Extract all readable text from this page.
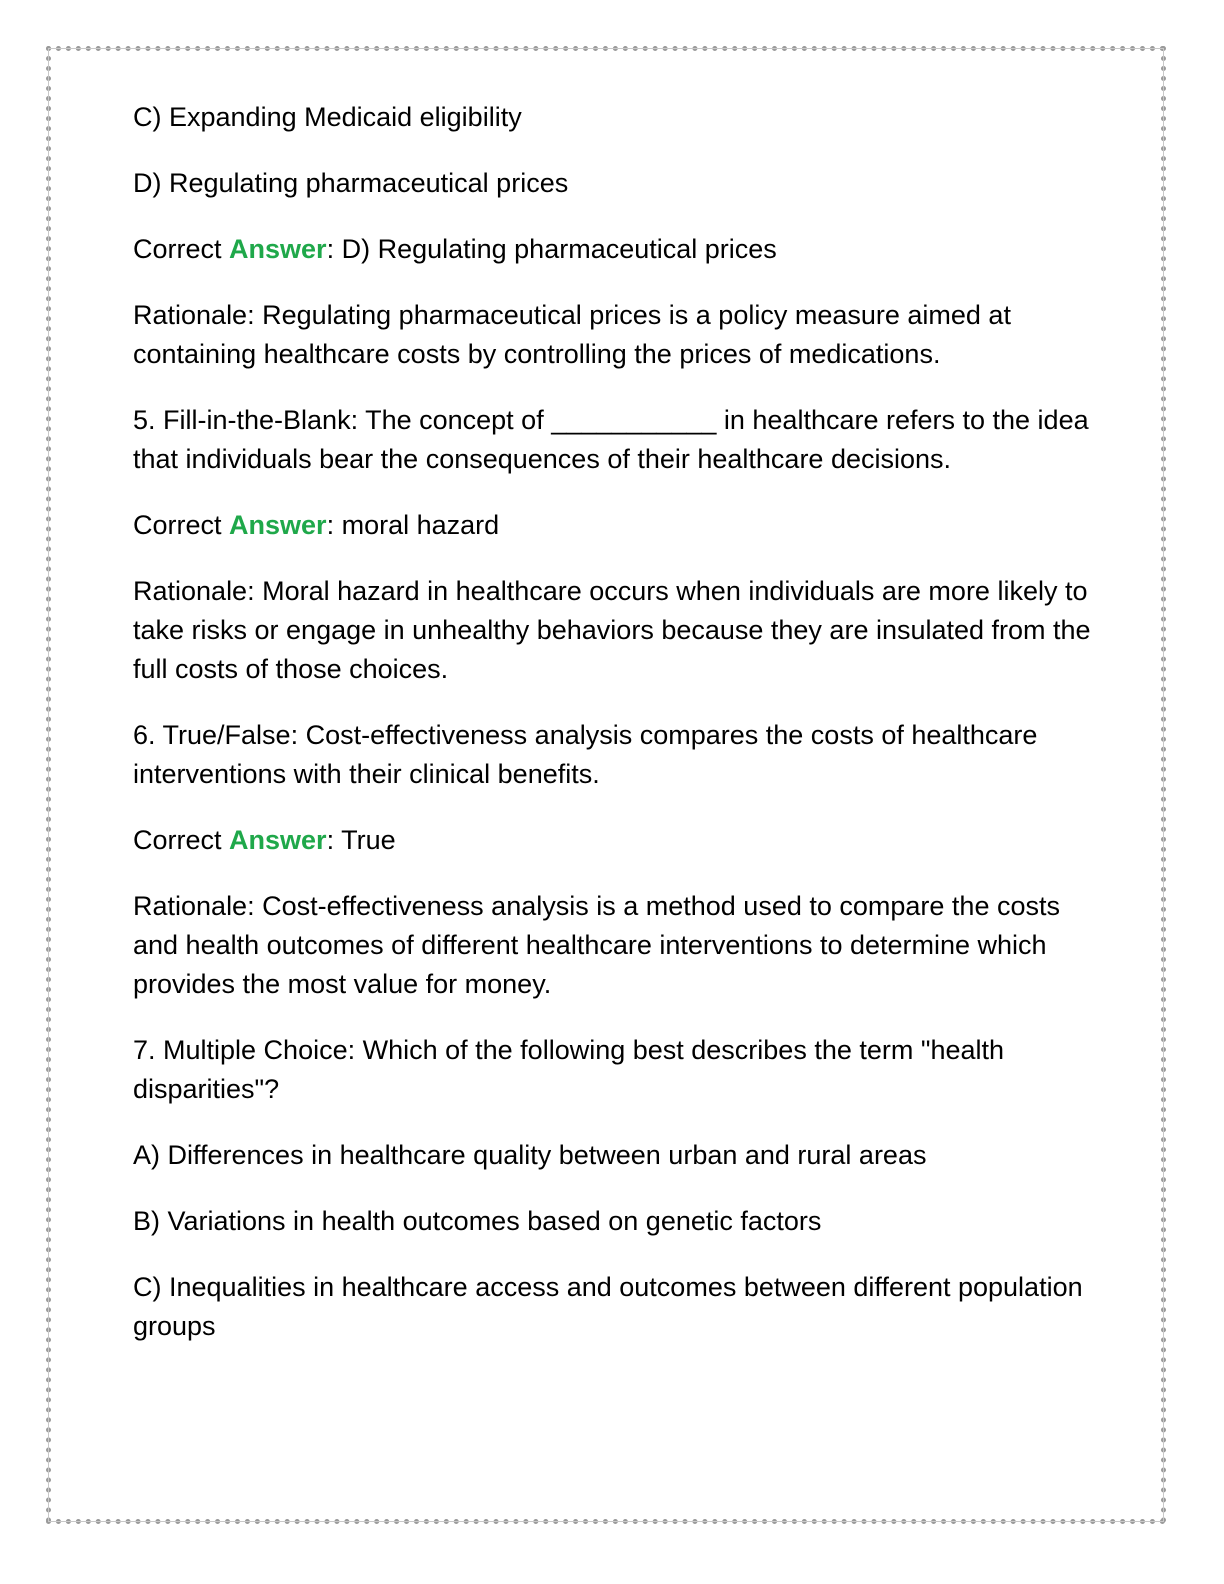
C) Expanding Medicaid eligibility

D) Regulating pharmaceutical prices

Correct Answer: D) Regulating pharmaceutical prices

Rationale: Regulating pharmaceutical prices is a policy measure aimed at containing healthcare costs by controlling the prices of medications.

5. Fill-in-the-Blank: The concept of ___________ in healthcare refers to the idea that individuals bear the consequences of their healthcare decisions.

Correct Answer: moral hazard

Rationale: Moral hazard in healthcare occurs when individuals are more likely to take risks or engage in unhealthy behaviors because they are insulated from the full costs of those choices.

6. True/False: Cost-effectiveness analysis compares the costs of healthcare interventions with their clinical benefits.

Correct Answer: True

Rationale: Cost-effectiveness analysis is a method used to compare the costs and health outcomes of different healthcare interventions to determine which provides the most value for money.

7. Multiple Choice: Which of the following best describes the term "health disparities"?

A) Differences in healthcare quality between urban and rural areas

B) Variations in health outcomes based on genetic factors

C) Inequalities in healthcare access and outcomes between different population groups
